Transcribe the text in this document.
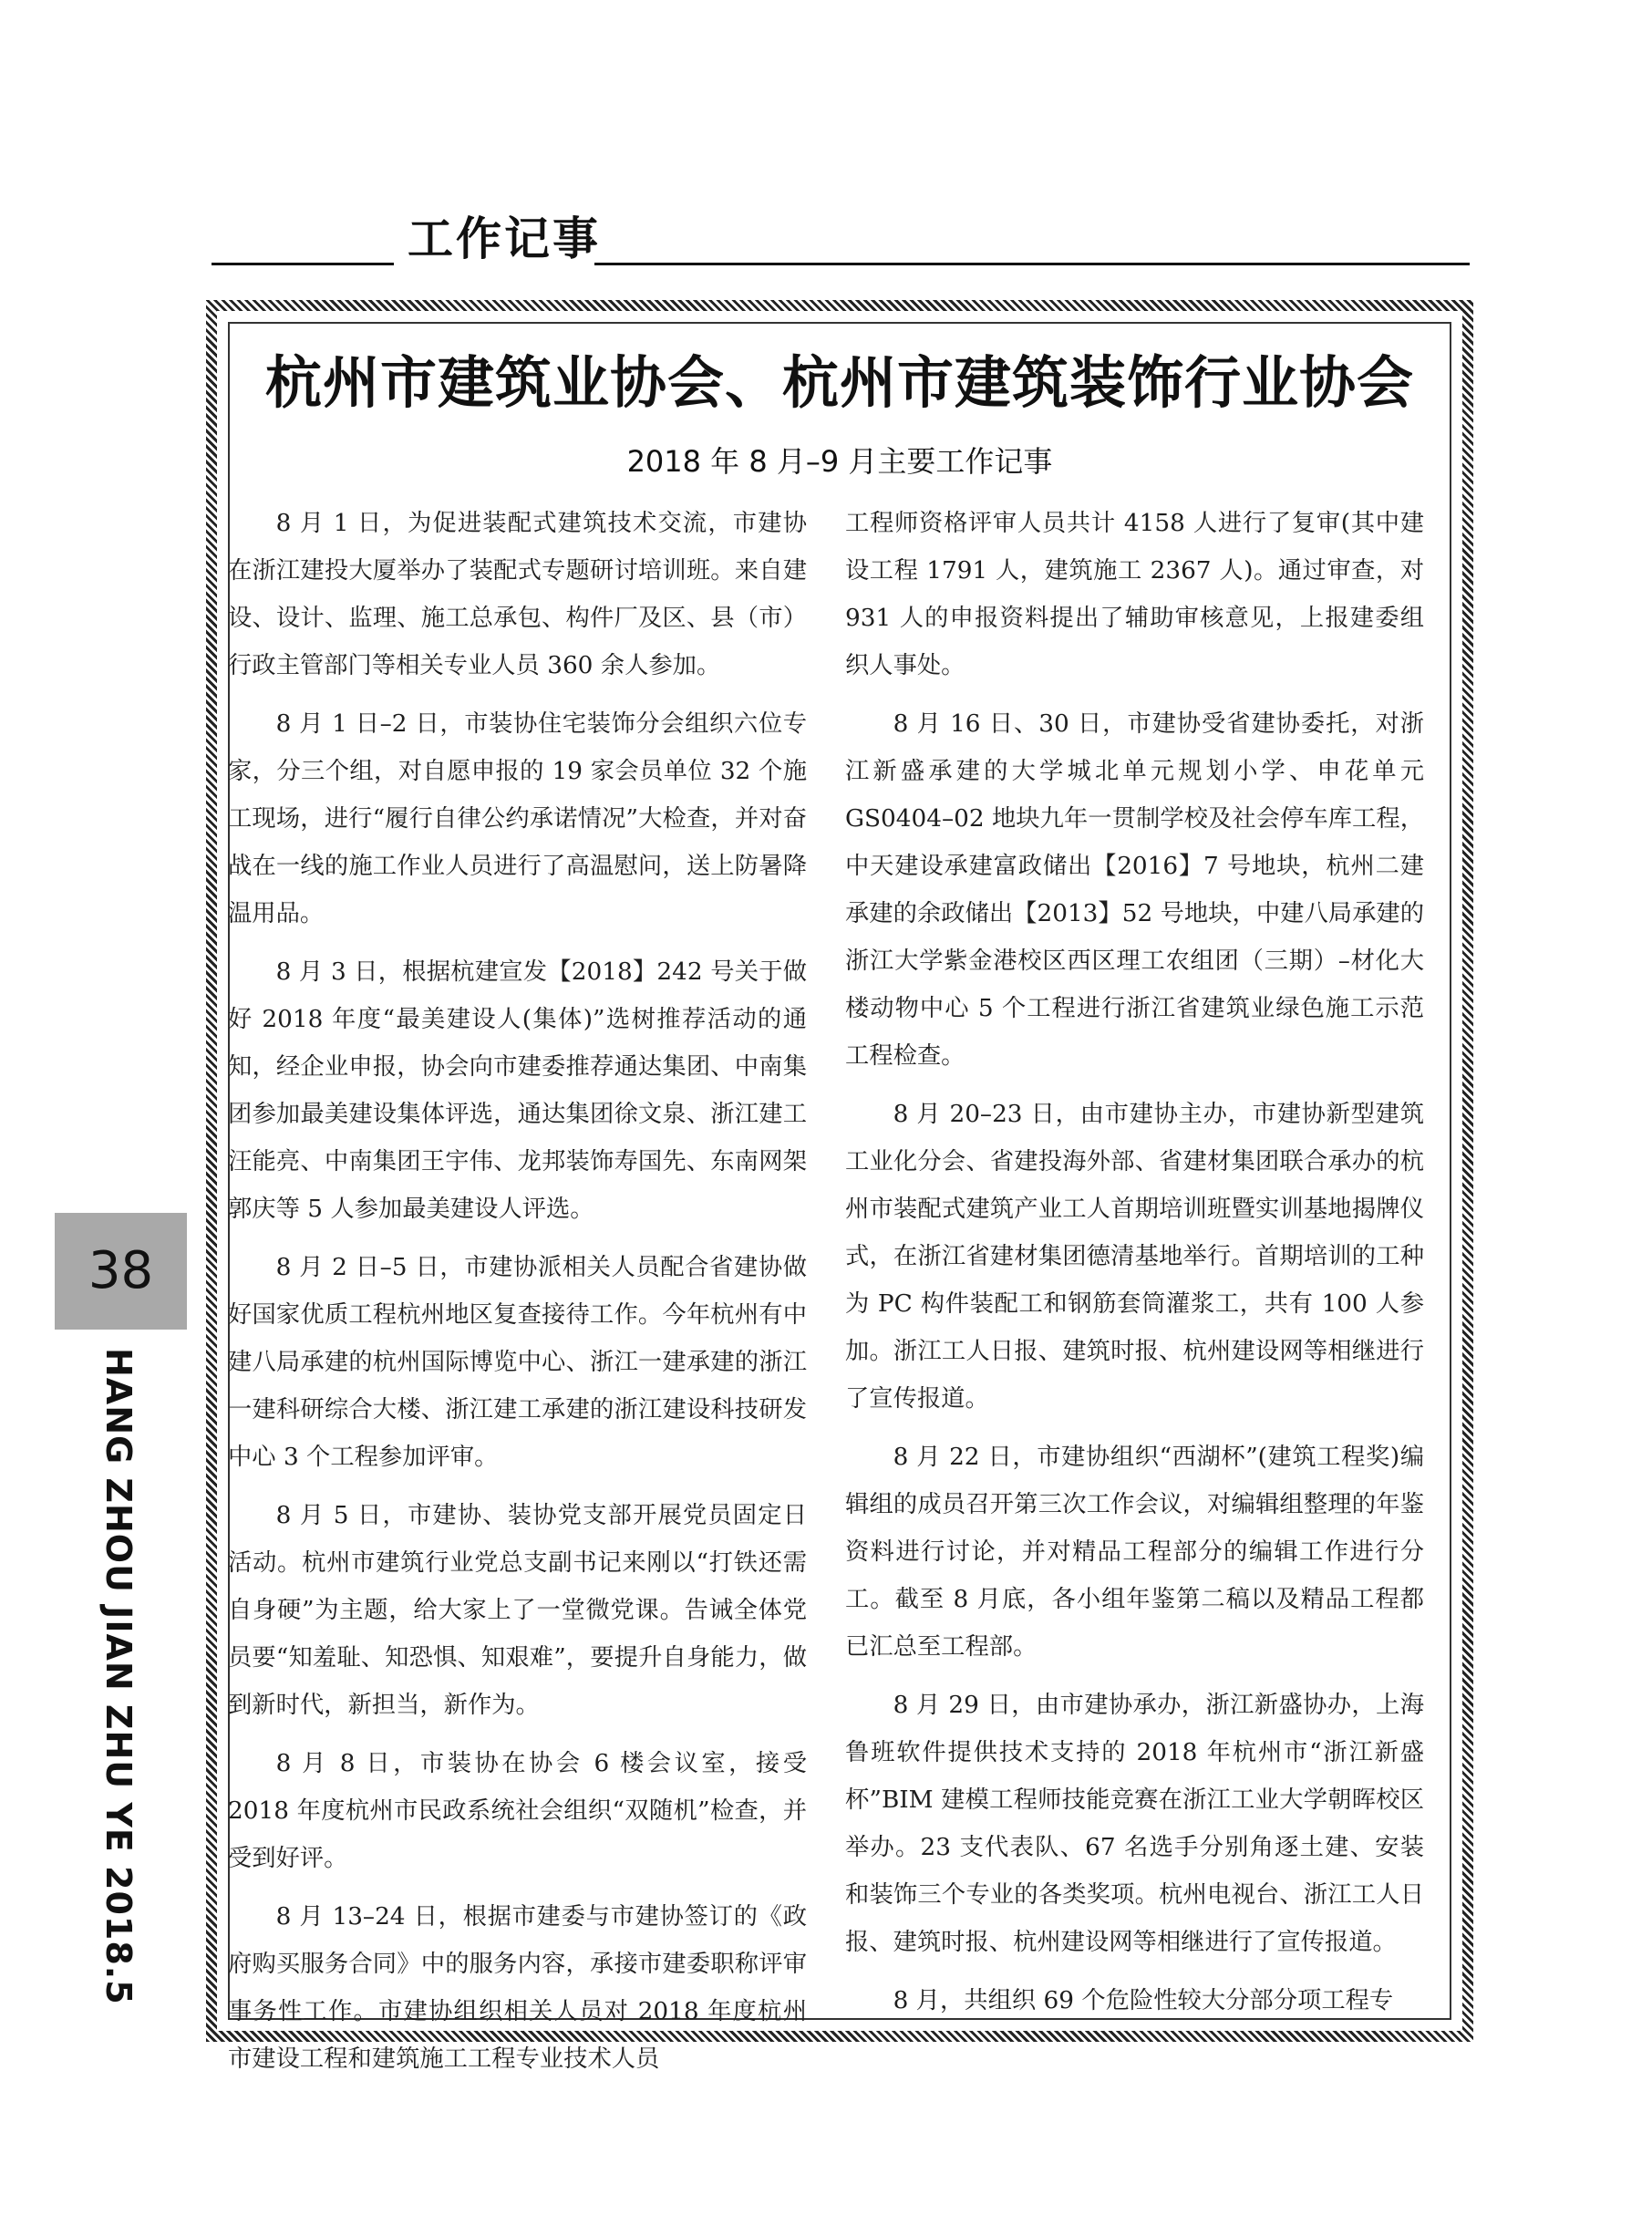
工作记事
杭州市建筑业协会、杭州市建筑装饰行业协会
2018 年 8 月–9 月主要工作记事

8 月 1 日，为促进装配式建筑技术交流，市建协在浙江建投大厦举办了装配式专题研讨培训班。来自建设、设计、监理、施工总承包、构件厂及区、县（市）行政主管部门等相关专业人员 360 余人参加。

8 月 1 日–2 日，市装协住宅装饰分会组织六位专家，分三个组，对自愿申报的 19 家会员单位 32 个施工现场，进行“履行自律公约承诺情况”大检查，并对奋战在一线的施工作业人员进行了高温慰问，送上防暑降温用品。

8 月 3 日，根据杭建宣发【2018】242 号关于做好 2018 年度“最美建设人(集体)”选树推荐活动的通知，经企业申报，协会向市建委推荐通达集团、中南集团参加最美建设集体评选，通达集团徐文泉、浙江建工汪能亮、中南集团王宇伟、龙邦装饰寿国先、东南网架郭庆等 5 人参加最美建设人评选。

8 月 2 日–5 日，市建协派相关人员配合省建协做好国家优质工程杭州地区复查接待工作。今年杭州有中建八局承建的杭州国际博览中心、浙江一建承建的浙江一建科研综合大楼、浙江建工承建的浙江建设科技研发中心 3 个工程参加评审。

8 月 5 日，市建协、装协党支部开展党员固定日活动。杭州市建筑行业党总支副书记来刚以“打铁还需自身硬”为主题，给大家上了一堂微党课。告诫全体党员要“知羞耻、知恐惧、知艰难”，要提升自身能力，做到新时代，新担当，新作为。

8 月 8 日，市装协在协会 6 楼会议室，接受 2018 年度杭州市民政系统社会组织“双随机”检查，并受到好评。

8 月 13–24 日，根据市建委与市建协签订的《政府购买服务合同》中的服务内容，承接市建委职称评审事务性工作。市建协组织相关人员对 2018 年度杭州市建设工程和建筑施工工程专业技术人员

工程师资格评审人员共计 4158 人进行了复审(其中建设工程 1791 人，建筑施工 2367 人)。通过审查，对 931 人的申报资料提出了辅助审核意见，上报建委组织人事处。

8 月 16 日、30 日，市建协受省建协委托，对浙江新盛承建的大学城北单元规划小学、申花单元 GS0404–02 地块九年一贯制学校及社会停车库工程，中天建设承建富政储出【2016】7 号地块，杭州二建承建的余政储出【2013】52 号地块，中建八局承建的浙江大学紫金港校区西区理工农组团（三期）–材化大楼动物中心 5 个工程进行浙江省建筑业绿色施工示范工程检查。

8 月 20–23 日，由市建协主办，市建协新型建筑工业化分会、省建投海外部、省建材集团联合承办的杭州市装配式建筑产业工人首期培训班暨实训基地揭牌仪式，在浙江省建材集团德清基地举行。首期培训的工种为 PC 构件装配工和钢筋套筒灌浆工，共有 100 人参加。浙江工人日报、建筑时报、杭州建设网等相继进行了宣传报道。

8 月 22 日，市建协组织“西湖杯”(建筑工程奖)编辑组的成员召开第三次工作会议，对编辑组整理的年鉴资料进行讨论，并对精品工程部分的编辑工作进行分工。截至 8 月底，各小组年鉴第二稿以及精品工程都已汇总至工程部。

8 月 29 日，由市建协承办，浙江新盛协办，上海鲁班软件提供技术支持的 2018 年杭州市“浙江新盛杯”BIM 建模工程师技能竞赛在浙江工业大学朝晖校区举办。23 支代表队、67 名选手分别角逐土建、安装和装饰三个专业的各类奖项。杭州电视台、浙江工人日报、建筑时报、杭州建设网等相继进行了宣传报道。

8 月，共组织 69 个危险性较大分部分项工程专

38
HANG ZHOU JIAN ZHU YE 2018.5
